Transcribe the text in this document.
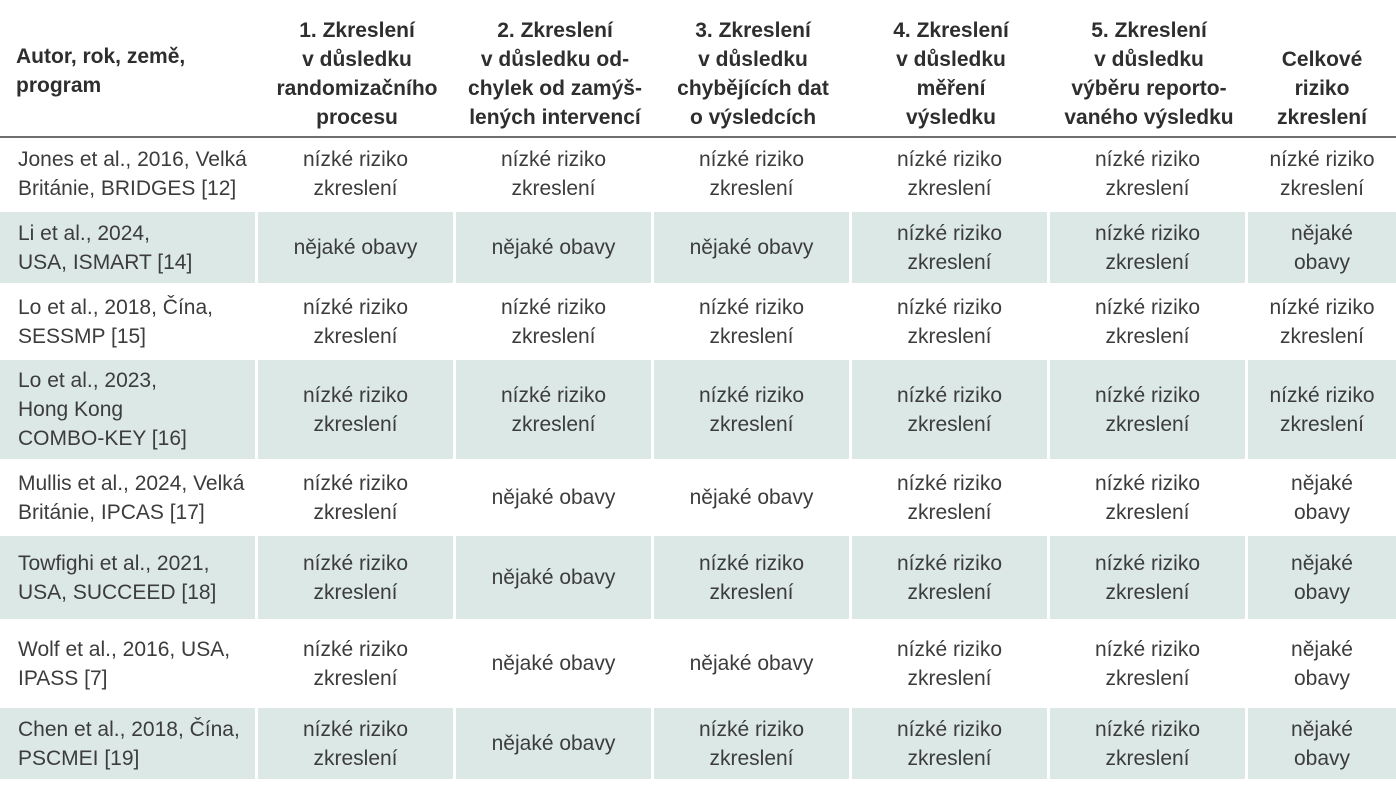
Autor, rok, země,
program	1. Zkreslení
v důsledku
randomizačního
procesu	2. Zkreslení
v důsledku od-
chylek od zamýš-
lených intervencí	3. Zkreslení
v důsledku
chybějících dat
o výsledcích	4. Zkreslení
v důsledku
měření
výsledku	5. Zkreslení
v důsledku
výběru reporto-
vaného výsledku	Celkové
riziko
zkreslení
Jones et al., 2016, Velká
Británie, BRIDGES [12]	nízké riziko
zkreslení	nízké riziko
zkreslení	nízké riziko
zkreslení	nízké riziko
zkreslení	nízké riziko
zkreslení	nízké riziko
zkreslení
Li et al., 2024,
USA, ISMART [14]	nějaké obavy	nějaké obavy	nějaké obavy	nízké riziko
zkreslení	nízké riziko
zkreslení	nějaké
obavy
Lo et al., 2018, Čína,
SESSMP [15]	nízké riziko
zkreslení	nízké riziko
zkreslení	nízké riziko
zkreslení	nízké riziko
zkreslení	nízké riziko
zkreslení	nízké riziko
zkreslení
Lo et al., 2023,
Hong Kong
COMBO-KEY [16]	nízké riziko
zkreslení	nízké riziko
zkreslení	nízké riziko
zkreslení	nízké riziko
zkreslení	nízké riziko
zkreslení	nízké riziko
zkreslení
Mullis et al., 2024, Velká
Británie, IPCAS [17]	nízké riziko
zkreslení	nějaké obavy	nějaké obavy	nízké riziko
zkreslení	nízké riziko
zkreslení	nějaké
obavy
Towfighi et al., 2021,
USA, SUCCEED [18]	nízké riziko
zkreslení	nějaké obavy	nízké riziko
zkreslení	nízké riziko
zkreslení	nízké riziko
zkreslení	nějaké
obavy
Wolf et al., 2016, USA,
IPASS [7]	nízké riziko
zkreslení	nějaké obavy	nějaké obavy	nízké riziko
zkreslení	nízké riziko
zkreslení	nějaké
obavy
Chen et al., 2018, Čína,
PSCMEI [19]	nízké riziko
zkreslení	nějaké obavy	nízké riziko
zkreslení	nízké riziko
zkreslení	nízké riziko
zkreslení	nějaké
obavy
